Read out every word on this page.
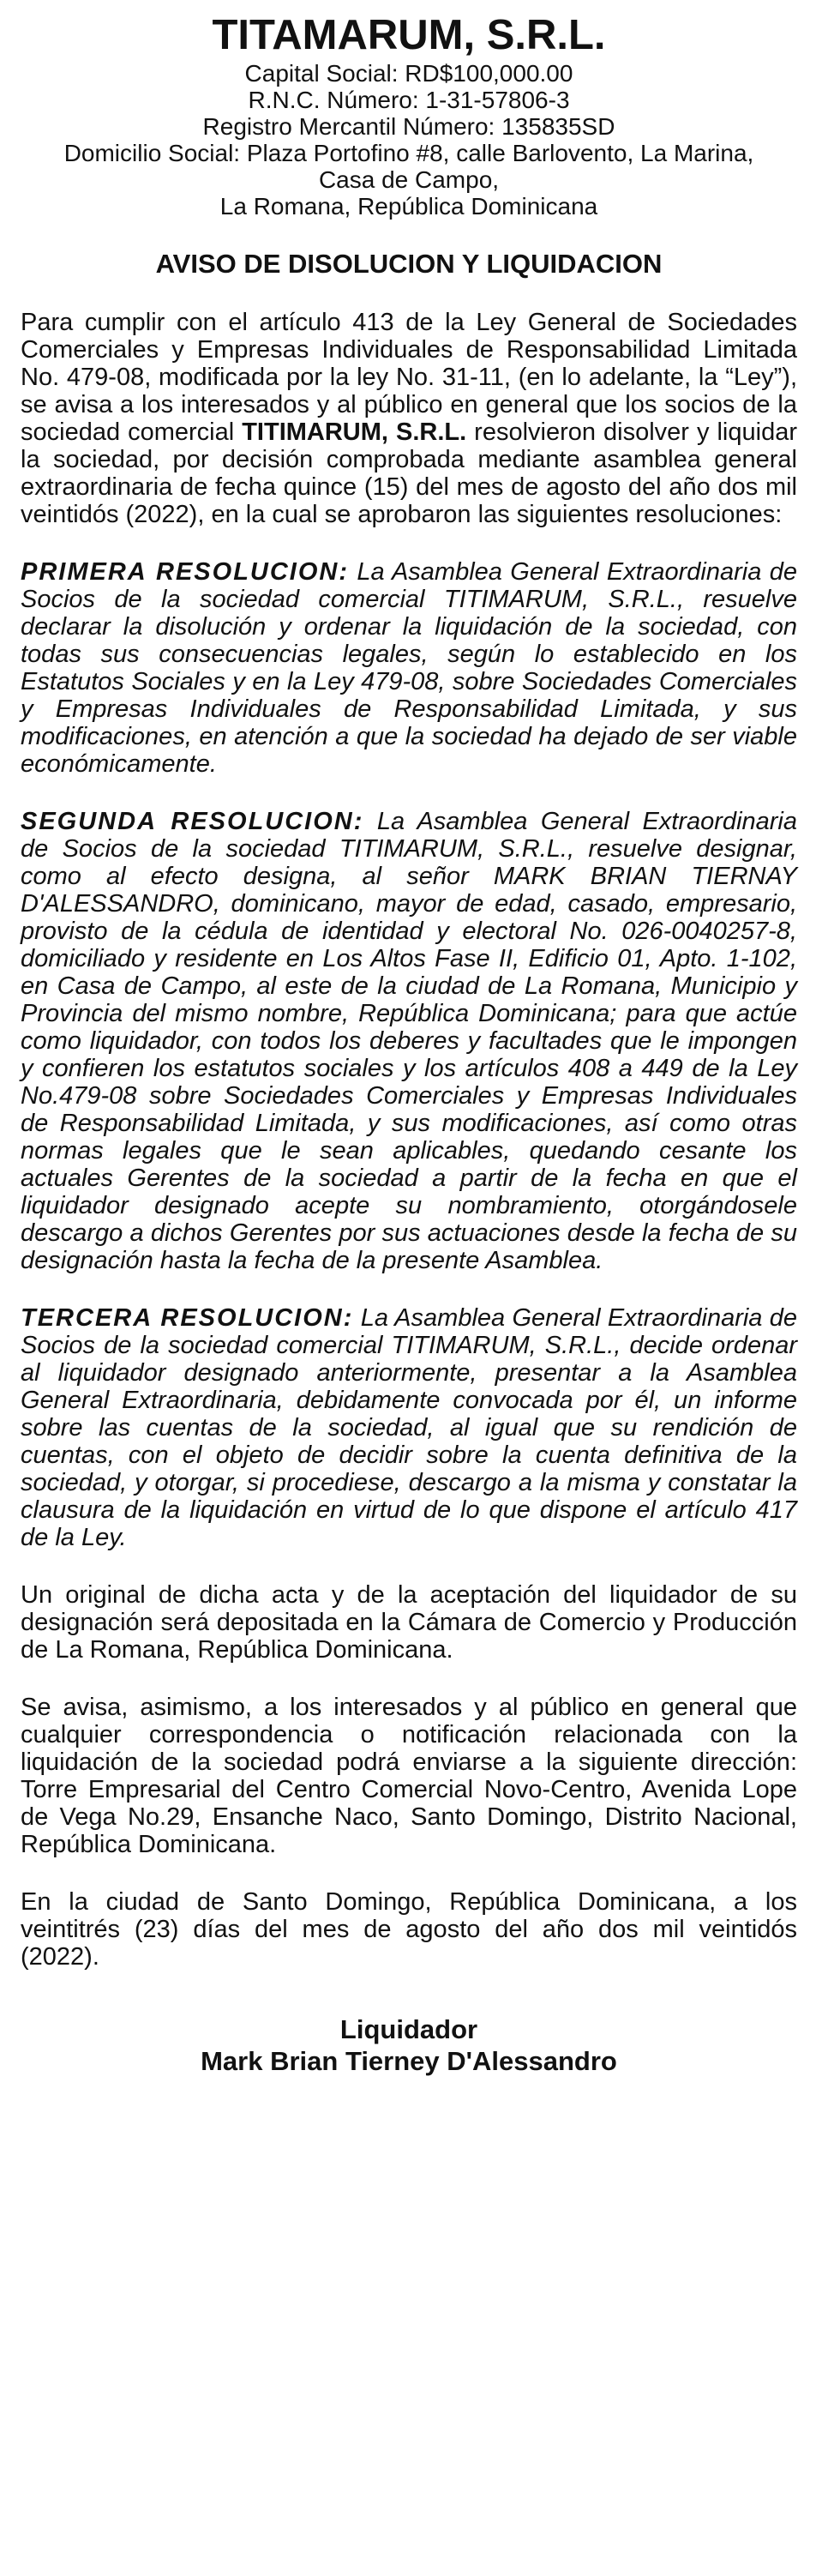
TITAMARUM, S.R.L.

Capital Social: RD$100,000.00

R.N.C. Número: 1-31-57806-3

Registro Mercantil Número: 135835SD

Domicilio Social: Plaza Portofino #8, calle Barlovento, La Marina,

Casa de Campo,

La Romana, República Dominicana

AVISO DE DISOLUCION Y LIQUIDACION

Para cumplir con el artículo 413 de la Ley General de Sociedades Comerciales y Empresas Individuales de Responsabilidad Limitada No. 479-08, modificada por la ley No. 31-11, (en lo adelante, la “Ley”), se avisa a los interesados y al público en general que los socios de la sociedad comercial TITIMARUM, S.R.L. resolvieron disolver y liquidar la sociedad, por decisión comprobada mediante asamblea general extraordinaria de fecha quince (15) del mes de agosto del año dos mil veintidós (2022), en la cual se aprobaron las siguientes resoluciones:

PRIMERA RESOLUCION: La Asamblea General Extraordinaria de Socios de la sociedad comercial TITIMARUM, S.R.L., resuelve declarar la disolución y ordenar la liquidación de la sociedad, con todas sus consecuencias legales, según lo establecido en los Estatutos Sociales y en la Ley 479-08, sobre Sociedades Comerciales y Empresas Individuales de Responsabilidad Limitada, y sus modificaciones, en atención a que la sociedad ha dejado de ser viable económicamente.

SEGUNDA RESOLUCION: La Asamblea General Extraordinaria de Socios de la sociedad TITIMARUM, S.R.L., resuelve designar, como al efecto designa, al señor MARK BRIAN TIERNAY D'ALESSANDRO, dominicano, mayor de edad, casado, empresario, provisto de la cédula de identidad y electoral No. 026-0040257-8, domiciliado y residente en Los Altos Fase II, Edificio 01, Apto. 1-102, en Casa de Campo, al este de la ciudad de La Romana, Municipio y Provincia del mismo nombre, República Dominicana; para que actúe como liquidador, con todos los deberes y facultades que le impongen y confieren los estatutos sociales y los artículos 408 a 449 de la Ley No.479-08 sobre Sociedades Comerciales y Empresas Individuales de Responsabilidad Limitada, y sus modificaciones, así como otras normas legales que le sean aplicables, quedando cesante los actuales Gerentes de la sociedad a partir de la fecha en que el liquidador designado acepte su nombramiento, otorgándosele descargo a dichos Gerentes por sus actuaciones desde la fecha de su designación hasta la fecha de la presente Asamblea.

TERCERA RESOLUCION: La Asamblea General Extraordinaria de Socios de la sociedad comercial TITIMARUM, S.R.L., decide ordenar al liquidador designado anteriormente, presentar a la Asamblea General Extraordinaria, debidamente convocada por él, un informe sobre las cuentas de la sociedad, al igual que su rendición de cuentas, con el objeto de decidir sobre la cuenta definitiva de la sociedad, y otorgar, si procediese, descargo a la misma y constatar la clausura de la liquidación en virtud de lo que dispone el artículo 417 de la Ley.

Un original de dicha acta y de la aceptación del liquidador de su designación será depositada en la Cámara de Comercio y Producción de La Romana, República Dominicana.

Se avisa, asimismo, a los interesados y al público en general que cualquier correspondencia o notificación relacionada con la liquidación de la sociedad podrá enviarse a la siguiente dirección: Torre Empresarial del Centro Comercial Novo-Centro, Avenida Lope de Vega No.29, Ensanche Naco, Santo Domingo, Distrito Nacional, República Dominicana.

En la ciudad de Santo Domingo, República Dominicana, a los veintitrés (23) días del mes de agosto del año dos mil veintidós (2022).

Liquidador

Mark Brian Tierney D'Alessandro
